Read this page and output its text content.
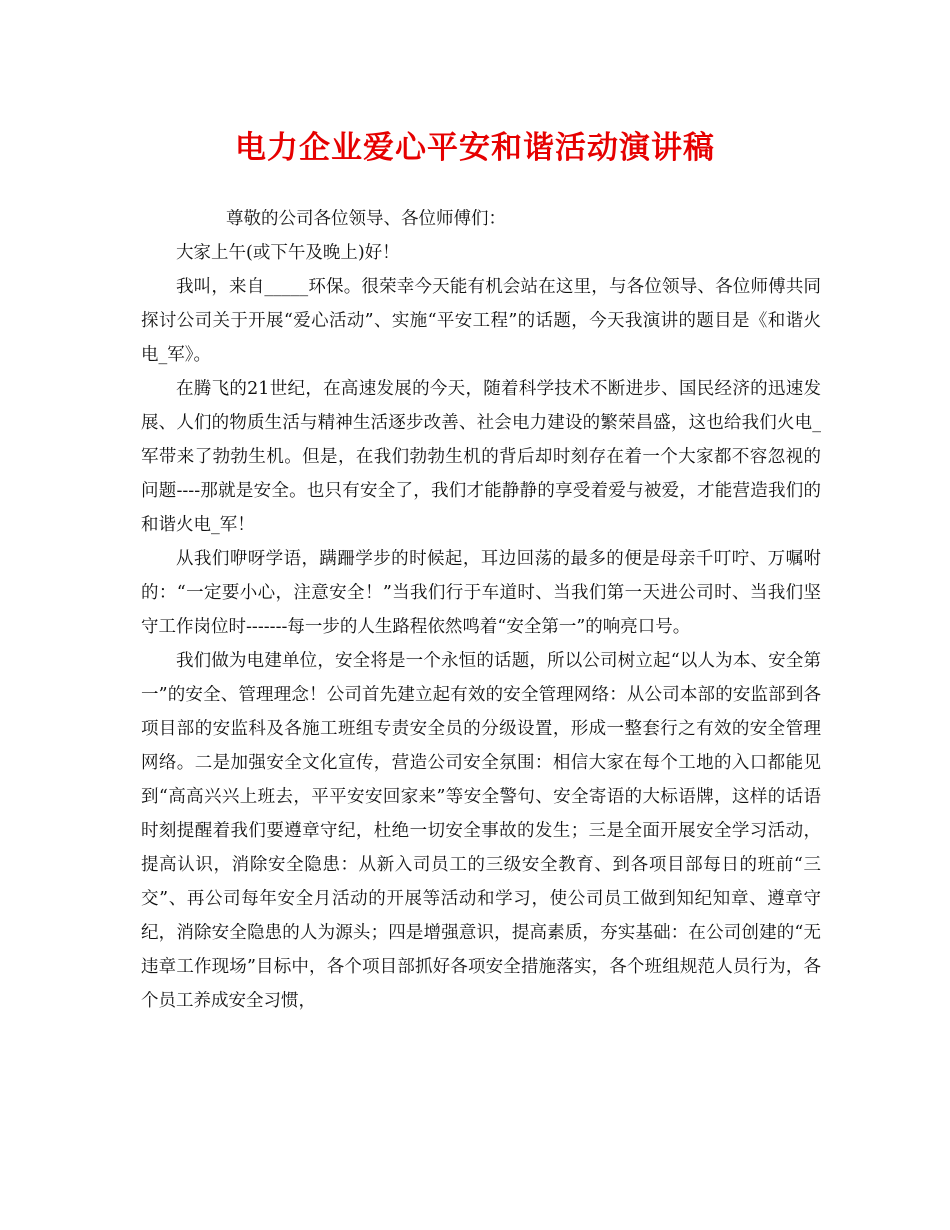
电力企业爱心平安和谐活动演讲稿

尊敬的公司各位领导、各位师傅们：

大家上午(或下午及晚上)好！

我叫，来自_____环保。很荣幸今天能有机会站在这里，与各位领导、各位师傅共同探讨公司关于开展“爱心活动”、实施“平安工程”的话题，今天我演讲的题目是《和谐火电_军》。

在腾飞的21世纪，在高速发展的今天，随着科学技术不断进步、国民经济的迅速发展、人们的物质生活与精神生活逐步改善、社会电力建设的繁荣昌盛，这也给我们火电_军带来了勃勃生机。但是，在我们勃勃生机的背后却时刻存在着一个大家都不容忽视的问题----那就是安全。也只有安全了，我们才能静静的享受着爱与被爱，才能营造我们的和谐火电_军！

从我们咿呀学语，蹒跚学步的时候起，耳边回荡的最多的便是母亲千叮咛、万嘱咐的：“一定要小心，注意安全！”当我们行于车道时、当我们第一天进公司时、当我们坚守工作岗位时-------每一步的人生路程依然鸣着“安全第一”的响亮口号。

我们做为电建单位，安全将是一个永恒的话题，所以公司树立起“以人为本、安全第一”的安全、管理理念！公司首先建立起有效的安全管理网络：从公司本部的安监部到各项目部的安监科及各施工班组专责安全员的分级设置，形成一整套行之有效的安全管理网络。二是加强安全文化宣传，营造公司安全氛围：相信大家在每个工地的入口都能见到“高高兴兴上班去，平平安安回家来”等安全警句、安全寄语的大标语牌，这样的话语时刻提醒着我们要遵章守纪，杜绝一切安全事故的发生；三是全面开展安全学习活动，提高认识，消除安全隐患：从新入司员工的三级安全教育、到各项目部每日的班前“三交”、再公司每年安全月活动的开展等活动和学习，使公司员工做到知纪知章、遵章守纪，消除安全隐患的人为源头；四是增强意识，提高素质，夯实基础：在公司创建的“无违章工作现场”目标中，各个项目部抓好各项安全措施落实，各个班组规范人员行为，各个员工养成安全习惯，
